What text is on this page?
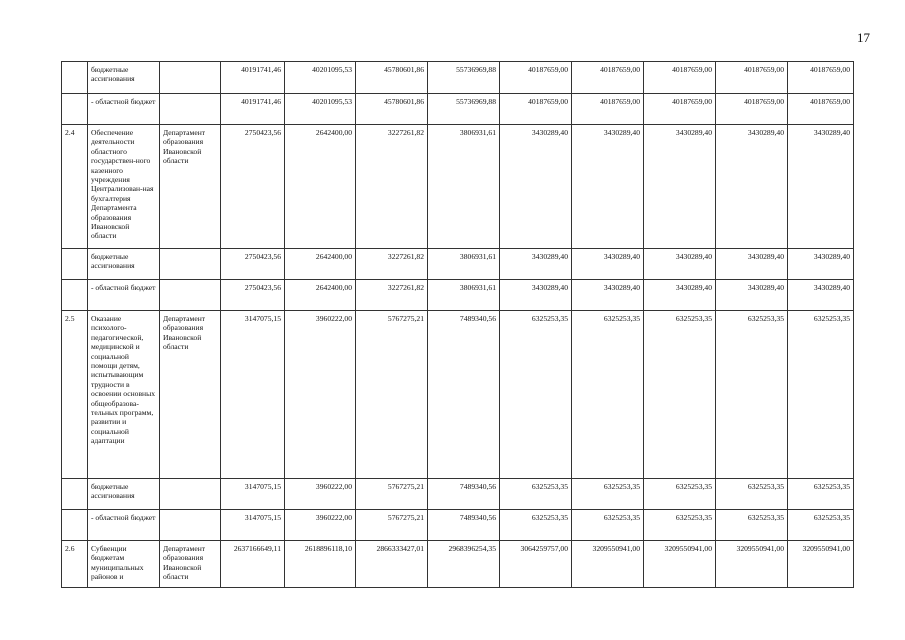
17
	бюджетные ассигнования		40191741,46	40201095,53	45780601,86	55736969,88	40187659,00	40187659,00	40187659,00	40187659,00	40187659,00
	- областной бюджет		40191741,46	40201095,53	45780601,86	55736969,88	40187659,00	40187659,00	40187659,00	40187659,00	40187659,00
2.4	Обеспечение деятельности областного государствен-ного казенного учреждения Централизован-ная бухгалтерия Департамента образования Ивановской области	Департамент образования Ивановской области	2750423,56	2642400,00	3227261,82	3806931,61	3430289,40	3430289,40	3430289,40	3430289,40	3430289,40
	бюджетные ассигнования		2750423,56	2642400,00	3227261,82	3806931,61	3430289,40	3430289,40	3430289,40	3430289,40	3430289,40
	- областной бюджет		2750423,56	2642400,00	3227261,82	3806931,61	3430289,40	3430289,40	3430289,40	3430289,40	3430289,40
2.5	Оказание психолого-педагогической, медицинской и социальной помощи детям, испытывающим трудности в освоении основных общеобразова-тельных программ, развитии и социальной адаптации	Департамент образования Ивановской области	3147075,15	3960222,00	5767275,21	7489340,56	6325253,35	6325253,35	6325253,35	6325253,35	6325253,35
	бюджетные ассигнования		3147075,15	3960222,00	5767275,21	7489340,56	6325253,35	6325253,35	6325253,35	6325253,35	6325253,35
	- областной бюджет		3147075,15	3960222,00	5767275,21	7489340,56	6325253,35	6325253,35	6325253,35	6325253,35	6325253,35
2.6	Субвенции бюджетам муниципальных районов и	Департамент образования Ивановской области	2637166649,11	2618896118,10	2866333427,01	2968396254,35	3064259757,00	3209550941,00	3209550941,00	3209550941,00	3209550941,00
